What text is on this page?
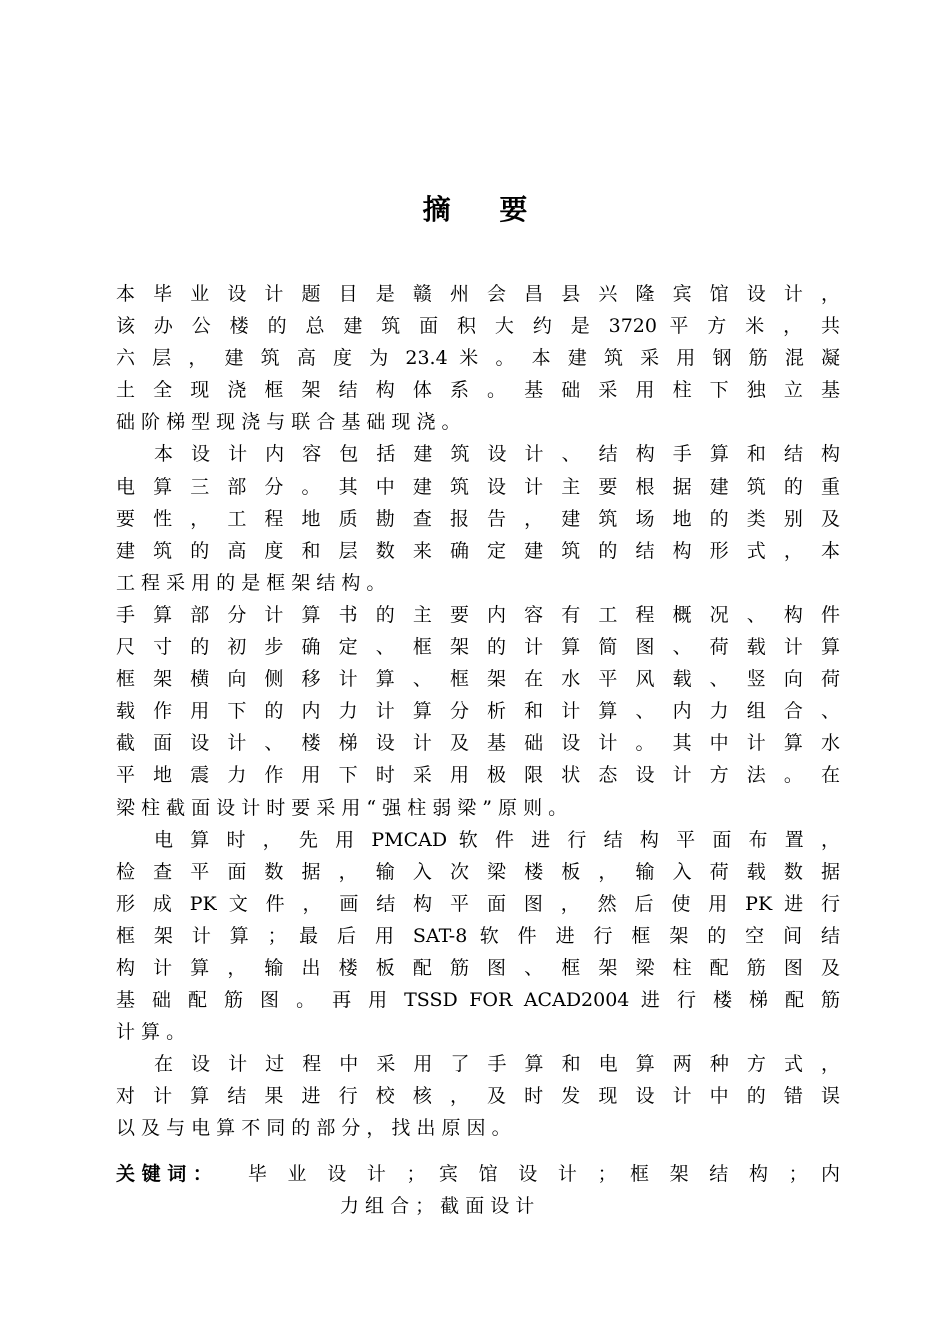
摘     要
本 毕 业 设 计 题 目 是 赣 州 会 昌 县 兴 隆 宾 馆 设 计 ，
该 办 公 楼 的 总 建 筑 面 积 大 约 是 3720 平 方 米 ， 共
六 层 ， 建 筑 高 度 为 23.4 米 。 本 建 筑 采 用 钢 筋 混 凝
土 全 现 浇 框 架 结 构 体 系 。 基 础 采 用 柱 下 独 立 基
础 阶 梯 型 现 浇 与 联 合 基 础 现 浇 。
本 设 计 内 容 包 括 建 筑 设 计 、 结 构 手 算 和 结 构
电 算 三 部 分 。 其 中 建 筑 设 计 主 要 根 据 建 筑 的 重
要 性 ， 工 程 地 质 勘 查 报 告 ， 建 筑 场 地 的 类 别 及
建 筑 的 高 度 和 层 数 来 确 定 建 筑 的 结 构 形 式 ， 本
工 程 采 用 的 是 框 架 结 构 。
手 算 部 分 计 算 书 的 主 要 内 容 有 工 程 概 况 、 构 件
尺 寸 的 初 步 确 定 、 框 架 的 计 算 简 图 、 荷 载 计 算
框 架 横 向 侧 移 计 算 、 框 架 在 水 平 风 载 、 竖 向 荷
载 作 用 下 的 内 力 计 算 分 析 和 计 算 、 内 力 组 合 、
截 面 设 计 、 楼 梯 设 计 及 基 础 设 计 。 其 中 计 算 水
平 地 震 力 作 用 下 时 采 用 极 限 状 态 设 计 方 法 。 在
梁 柱 截 面 设 计 时 要 采 用 “ 强 柱 弱 梁 ” 原 则 。
电 算 时 ， 先 用 PMCAD 软 件 进 行 结 构 平 面 布 置 ，
检 查 平 面 数 据 ， 输 入 次 梁 楼 板 ， 输 入 荷 载 数 据
形 成 PK 文 件 ， 画 结 构 平 面 图 ， 然 后 使 用 PK 进 行
框 架 计 算 ； 最 后 用 SAT-8 软 件 进 行 框 架 的 空 间 结
构 计 算 ， 输 出 楼 板 配 筋 图 、 框 架 梁 柱 配 筋 图 及
基 础 配 筋 图 。 再 用 TSSD FOR ACAD2004 进 行 楼 梯 配 筋
计 算 。
在 设 计 过 程 中 采 用 了 手 算 和 电 算 两 种 方 式 ，
对 计 算 结 果 进 行 校 核 ， 及 时 发 现 设 计 中 的 错 误
以 及 与 电 算 不 同 的 部 分 ， 找 出 原 因 。
关 键 词 ： 毕 业 设 计 ； 宾 馆 设 计 ； 框 架 结 构 ； 内
力 组 合 ； 截 面 设 计
